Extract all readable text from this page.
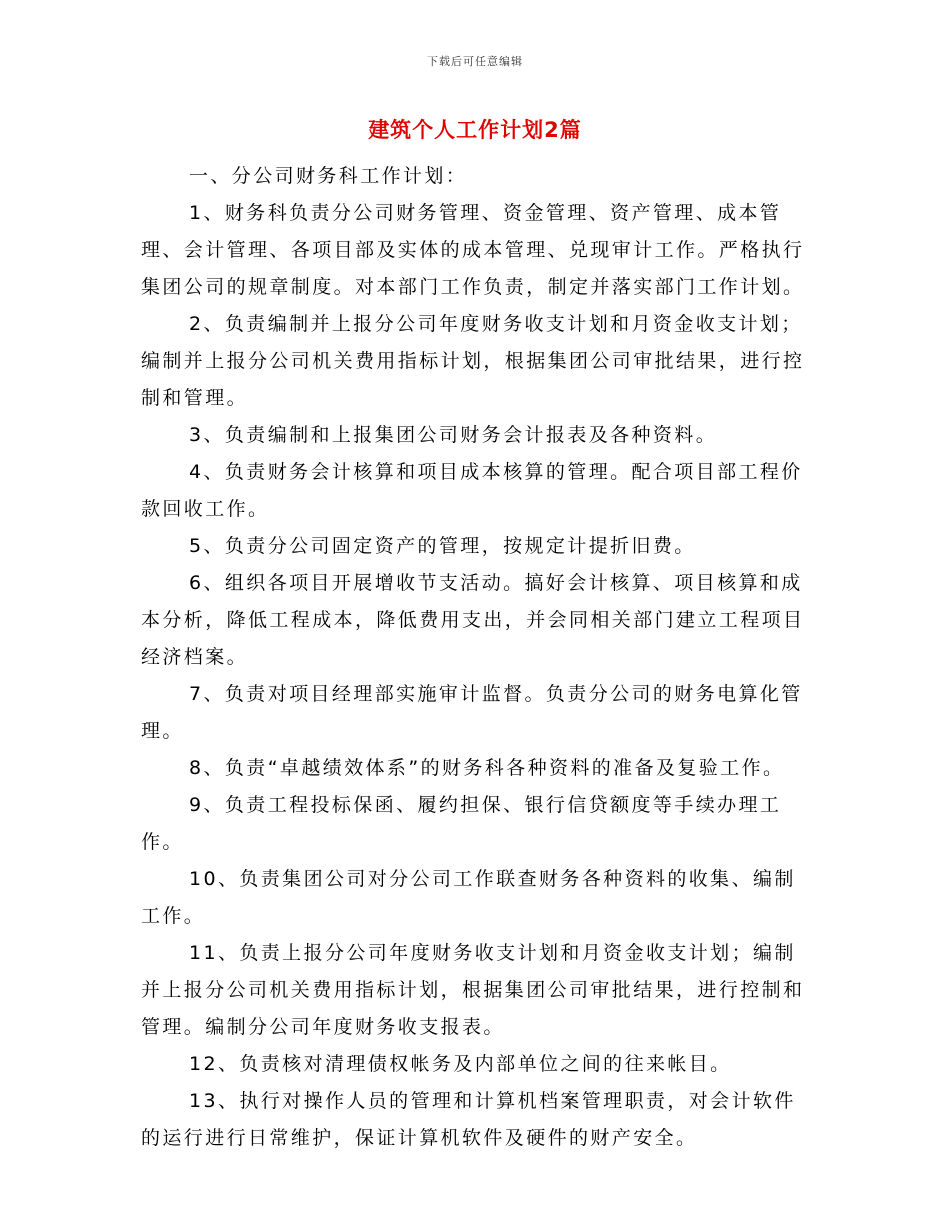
下载后可任意编辑
建筑个人工作计划2篇

一、分公司财务科工作计划：

1、财务科负责分公司财务管理、资金管理、资产管理、成本管理、会计管理、各项目部及实体的成本管理、兑现审计工作。严格执行集团公司的规章制度。对本部门工作负责，制定并落实部门工作计划。

2、负责编制并上报分公司年度财务收支计划和月资金收支计划；编制并上报分公司机关费用指标计划，根据集团公司审批结果，进行控制和管理。

3、负责编制和上报集团公司财务会计报表及各种资料。

4、负责财务会计核算和项目成本核算的管理。配合项目部工程价款回收工作。

5、负责分公司固定资产的管理，按规定计提折旧费。

6、组织各项目开展增收节支活动。搞好会计核算、项目核算和成本分析，降低工程成本，降低费用支出，并会同相关部门建立工程项目经济档案。

7、负责对项目经理部实施审计监督。负责分公司的财务电算化管理。

8、负责“卓越绩效体系”的财务科各种资料的准备及复验工作。

9、负责工程投标保函、履约担保、银行信贷额度等手续办理工作。

10、负责集团公司对分公司工作联查财务各种资料的收集、编制工作。

11、负责上报分公司年度财务收支计划和月资金收支计划；编制并上报分公司机关费用指标计划，根据集团公司审批结果，进行控制和管理。编制分公司年度财务收支报表。

12、负责核对清理债权帐务及内部单位之间的往来帐目。

13、执行对操作人员的管理和计算机档案管理职责，对会计软件的运行进行日常维护，保证计算机软件及硬件的财产安全。
